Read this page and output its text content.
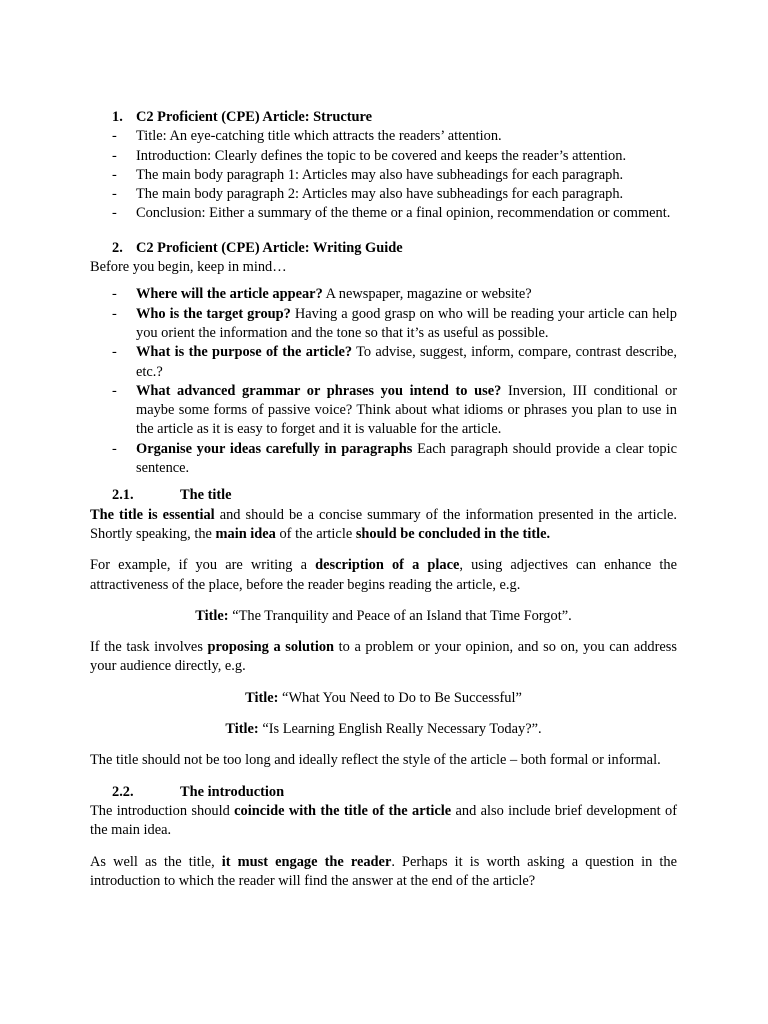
1. C2 Proficient (CPE) Article: Structure
-	Title: An eye-catching title which attracts the readers’ attention.
-	Introduction: Clearly defines the topic to be covered and keeps the reader’s attention.
-	The main body paragraph 1: Articles may also have subheadings for each paragraph.
-	The main body paragraph 2: Articles may also have subheadings for each paragraph.
-	Conclusion: Either a summary of the theme or a final opinion, recommendation or comment.
2. C2 Proficient (CPE) Article: Writing Guide

Before you begin, keep in mind…

-	Where will the article appear? A newspaper, magazine or website?
-	Who is the target group? Having a good grasp on who will be reading your article can help you orient the information and the tone so that it’s as useful as possible.
-	What is the purpose of the article? To advise, suggest, inform, compare, contrast describe, etc.?
-	What advanced grammar or phrases you intend to use? Inversion, III conditional or maybe some forms of passive voice? Think about what idioms or phrases you plan to use in the article as it is easy to forget and it is valuable for the article.
-	Organise your ideas carefully in paragraphs Each paragraph should provide a clear topic sentence.
2.1.	The title

The title is essential and should be a concise summary of the information presented in the article. Shortly speaking, the main idea of the article should be concluded in the title.

For example, if you are writing a description of a place, using adjectives can enhance the attractiveness of the place, before the reader begins reading the article, e.g.

Title: “The Tranquility and Peace of an Island that Time Forgot”.

If the task involves proposing a solution to a problem or your opinion, and so on, you can address your audience directly, e.g.

Title: “What You Need to Do to Be Successful”

Title: “Is Learning English Really Necessary Today?”.

The title should not be too long and ideally reflect the style of the article – both formal or informal.

2.2.	The introduction

The introduction should coincide with the title of the article and also include brief development of the main idea.

As well as the title, it must engage the reader. Perhaps it is worth asking a question in the introduction to which the reader will find the answer at the end of the article?
